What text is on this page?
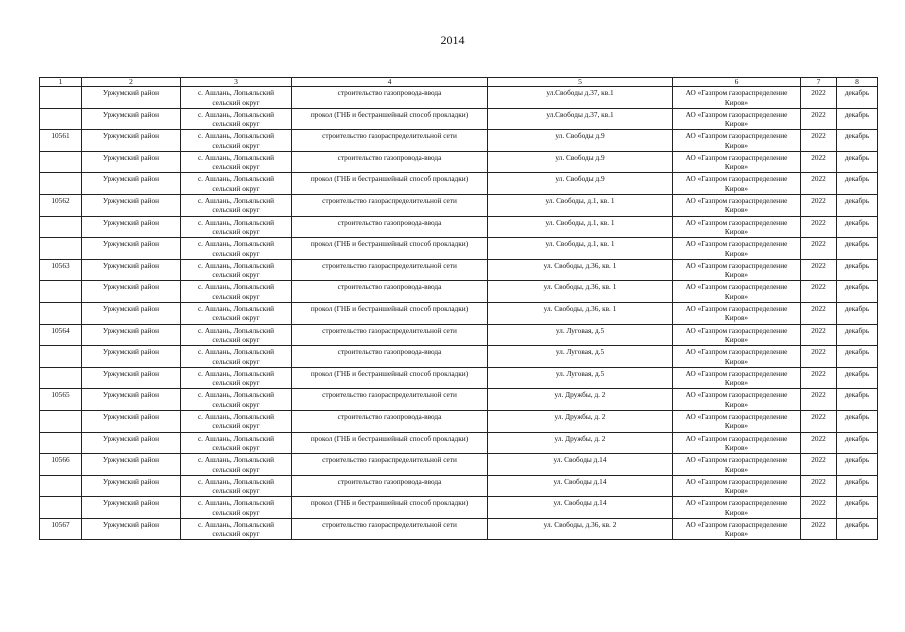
2014
1	2	3	4	5	6	7	8
	Уржумский район	с. Ашлань, Лопьяльский сельский округ	строительство газопровода-ввода	ул.Свободы д.37, кв.1	АО «Газпром газораспределение Киров»	2022	декабрь
	Уржумский район	с. Ашлань, Лопьяльский сельский округ	прокол (ГНБ и бестраншейный способ прокладки)	ул.Свободы д.37, кв.1	АО «Газпром газораспределение Киров»	2022	декабрь
10561	Уржумский район	с. Ашлань, Лопьяльский сельский округ	строительство газораспределительной сети	ул. Свободы д.9	АО «Газпром газораспределение Киров»	2022	декабрь
	Уржумский район	с. Ашлань, Лопьяльский сельский округ	строительство газопровода-ввода	ул. Свободы д.9	АО «Газпром газораспределение Киров»	2022	декабрь
	Уржумский район	с. Ашлань, Лопьяльский сельский округ	прокол (ГНБ и бестраншейный способ прокладки)	ул. Свободы д.9	АО «Газпром газораспределение Киров»	2022	декабрь
10562	Уржумский район	с. Ашлань, Лопьяльский сельский округ	строительство газораспределительной сети	ул. Свободы, д.1, кв. 1	АО «Газпром газораспределение Киров»	2022	декабрь
	Уржумский район	с. Ашлань, Лопьяльский сельский округ	строительство газопровода-ввода	ул. Свободы, д.1, кв. 1	АО «Газпром газораспределение Киров»	2022	декабрь
	Уржумский район	с. Ашлань, Лопьяльский сельский округ	прокол (ГНБ и бестраншейный способ прокладки)	ул. Свободы, д.1, кв. 1	АО «Газпром газораспределение Киров»	2022	декабрь
10563	Уржумский район	с. Ашлань, Лопьяльский сельский округ	строительство газораспределительной сети	ул. Свободы, д.36, кв. 1	АО «Газпром газораспределение Киров»	2022	декабрь
	Уржумский район	с. Ашлань, Лопьяльский сельский округ	строительство газопровода-ввода	ул. Свободы, д.36, кв. 1	АО «Газпром газораспределение Киров»	2022	декабрь
	Уржумский район	с. Ашлань, Лопьяльский сельский округ	прокол (ГНБ и бестраншейный способ прокладки)	ул. Свободы, д.36, кв. 1	АО «Газпром газораспределение Киров»	2022	декабрь
10564	Уржумский район	с. Ашлань, Лопьяльский сельский округ	строительство газораспределительной сети	ул. Луговая, д.5	АО «Газпром газораспределение Киров»	2022	декабрь
	Уржумский район	с. Ашлань, Лопьяльский сельский округ	строительство газопровода-ввода	ул. Луговая, д.5	АО «Газпром газораспределение Киров»	2022	декабрь
	Уржумский район	с. Ашлань, Лопьяльский сельский округ	прокол (ГНБ и бестраншейный способ прокладки)	ул. Луговая, д.5	АО «Газпром газораспределение Киров»	2022	декабрь
10565	Уржумский район	с. Ашлань, Лопьяльский сельский округ	строительство газораспределительной сети	ул. Дружбы, д. 2	АО «Газпром газораспределение Киров»	2022	декабрь
	Уржумский район	с. Ашлань, Лопьяльский сельский округ	строительство газопровода-ввода	ул. Дружбы, д. 2	АО «Газпром газораспределение Киров»	2022	декабрь
	Уржумский район	с. Ашлань, Лопьяльский сельский округ	прокол (ГНБ и бестраншейный способ прокладки)	ул. Дружбы, д. 2	АО «Газпром газораспределение Киров»	2022	декабрь
10566	Уржумский район	с. Ашлань, Лопьяльский сельский округ	строительство газораспределительной сети	ул. Свободы д.14	АО «Газпром газораспределение Киров»	2022	декабрь
	Уржумский район	с. Ашлань, Лопьяльский сельский округ	строительство газопровода-ввода	ул. Свободы д.14	АО «Газпром газораспределение Киров»	2022	декабрь
	Уржумский район	с. Ашлань, Лопьяльский сельский округ	прокол (ГНБ и бестраншейный способ прокладки)	ул. Свободы д.14	АО «Газпром газораспределение Киров»	2022	декабрь
10567	Уржумский район	с. Ашлань, Лопьяльский сельский округ	строительство газораспределительной сети	ул. Свободы, д.36, кв. 2	АО «Газпром газораспределение Киров»	2022	декабрь
